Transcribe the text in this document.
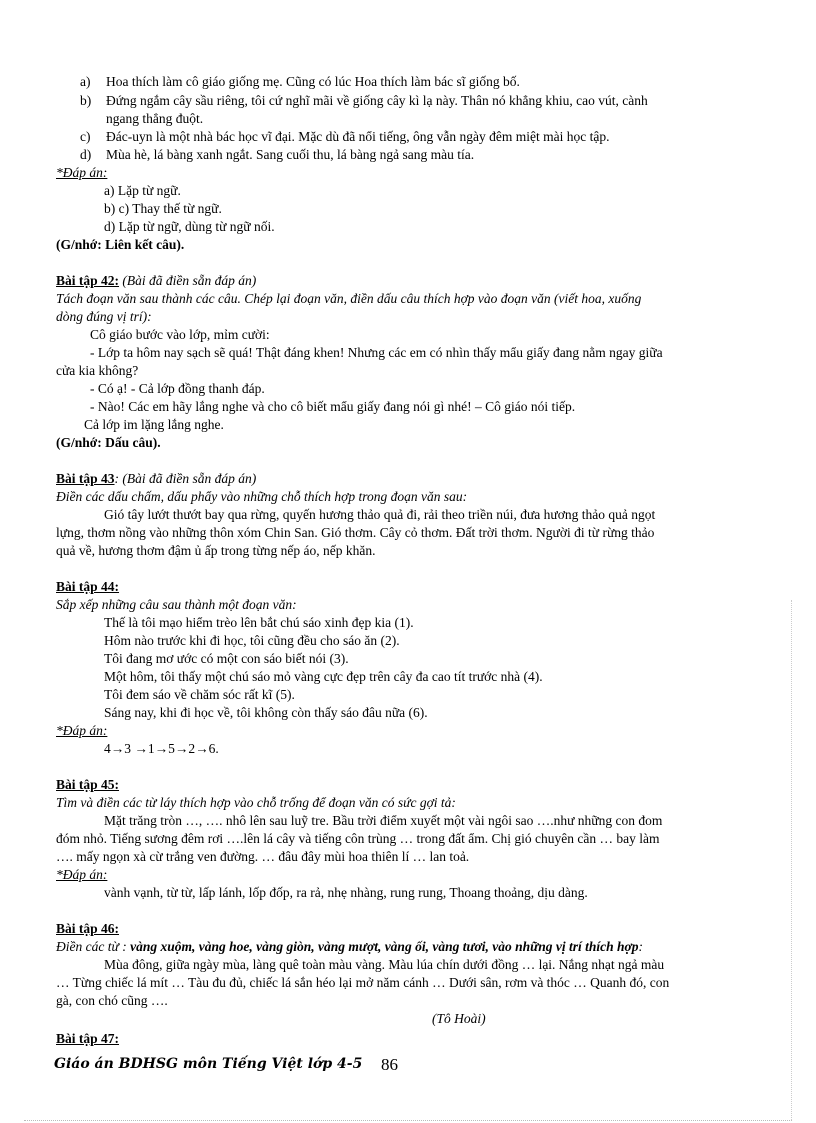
a) Hoa thích làm cô giáo giống mẹ. Cũng có lúc Hoa thích làm bác sĩ giống bố.
b) Đứng ngắm cây sầu riêng, tôi cứ nghĩ mãi về giống cây kì lạ này. Thân nó khẳng khiu, cao vút, cành
ngang thẳng đuột.
c) Đác-uyn là một nhà bác học vĩ đại. Mặc dù đã nổi tiếng, ông vẫn ngày đêm miệt mài học tập.
d) Mùa hè, lá bàng xanh ngắt. Sang cuối thu, lá bàng ngả sang màu tía.
*Đáp án:
a) Lặp từ ngữ.
b) c) Thay thế từ ngữ.
d) Lặp từ ngữ, dùng từ ngữ nối.
(G/nhớ: Liên kết câu).
Bài tập 42: (Bài đã điền sẵn đáp án)
Tách đoạn văn sau thành các câu. Chép lại đoạn văn, điền dấu câu thích hợp vào đoạn văn (viết hoa, xuống
dòng đúng vị trí):
Cô giáo bước vào lớp, mỉm cười:
- Lớp ta hôm nay sạch sẽ quá! Thật đáng khen! Nhưng các em có nhìn thấy mẩu giấy đang nằm ngay giữa
cửa kia không?
- Có ạ! - Cả lớp đồng thanh đáp.
- Nào! Các em hãy lắng nghe và cho cô biết mẩu giấy đang nói gì nhé! – Cô giáo nói tiếp.
Cả lớp im lặng lắng nghe.
(G/nhớ: Dấu câu).
Bài tập 43: (Bài đã điền sẵn đáp án)
Điền các dấu chấm, dấu phẩy vào những chỗ thích hợp trong đoạn văn sau:
Gió tây lướt thướt bay qua rừng, quyến hương thảo quả đi, rải theo triền núi, đưa hương thảo quả ngọt
lựng, thơm nồng vào những thôn xóm Chin San. Gió thơm. Cây cỏ thơm. Đất trời thơm. Người đi từ rừng thảo
quả về, hương thơm đậm ủ ấp trong từng nếp áo, nếp khăn.
Bài tập 44:
Sắp xếp những câu sau thành một đoạn văn:
Thế là tôi mạo hiểm trèo lên bắt chú sáo xinh đẹp kia (1).
Hôm nào trước khi đi học, tôi cũng đều cho sáo ăn (2).
Tôi đang mơ ước có một con sáo biết nói (3).
Một hôm, tôi thấy một chú sáo mỏ vàng cực đẹp trên cây đa cao tít trước nhà (4).
Tôi đem sáo về chăm sóc rất kĩ (5).
Sáng nay, khi đi học về, tôi không còn thấy sáo đâu nữa (6).
*Đáp án:
4→3 →1→5→2→6.
Bài tập 45:
Tìm và điền các từ láy thích hợp vào chỗ trống để đoạn văn có sức gợi tả:
Mặt trăng tròn …, …. nhô lên sau luỹ tre. Bầu trời điểm xuyết một vài ngôi sao ….như những con đom
đóm nhỏ. Tiếng sương đêm rơi ….lên lá cây và tiếng côn trùng … trong đất ẩm. Chị gió chuyên cần … bay làm
…. mấy ngọn xà cừ trắng ven đường. … đâu đây mùi hoa thiên lí … lan toả.
*Đáp án:
vành vạnh, từ từ, lấp lánh, lốp đốp, ra rả, nhẹ nhàng, rung rung, Thoang thoảng, dịu dàng.
Bài tập 46:
Điền các từ : vàng xuộm, vàng hoe, vàng giòn, vàng mượt, vàng ối, vàng tươi, vào những vị trí thích hợp:
Mùa đông, giữa ngày mùa, làng quê toàn màu vàng. Màu lúa chín dưới đồng … lại. Nắng nhạt ngả màu
… Từng chiếc lá mít … Tàu đu đủ, chiếc lá sắn héo lại mở năm cánh … Dưới sân, rơm và thóc … Quanh đó, con
gà, con chó cũng ….
(Tô Hoài)
Bài tập 47:
Giáo án BDHSG môn Tiếng Việt lớp 4-5 86
